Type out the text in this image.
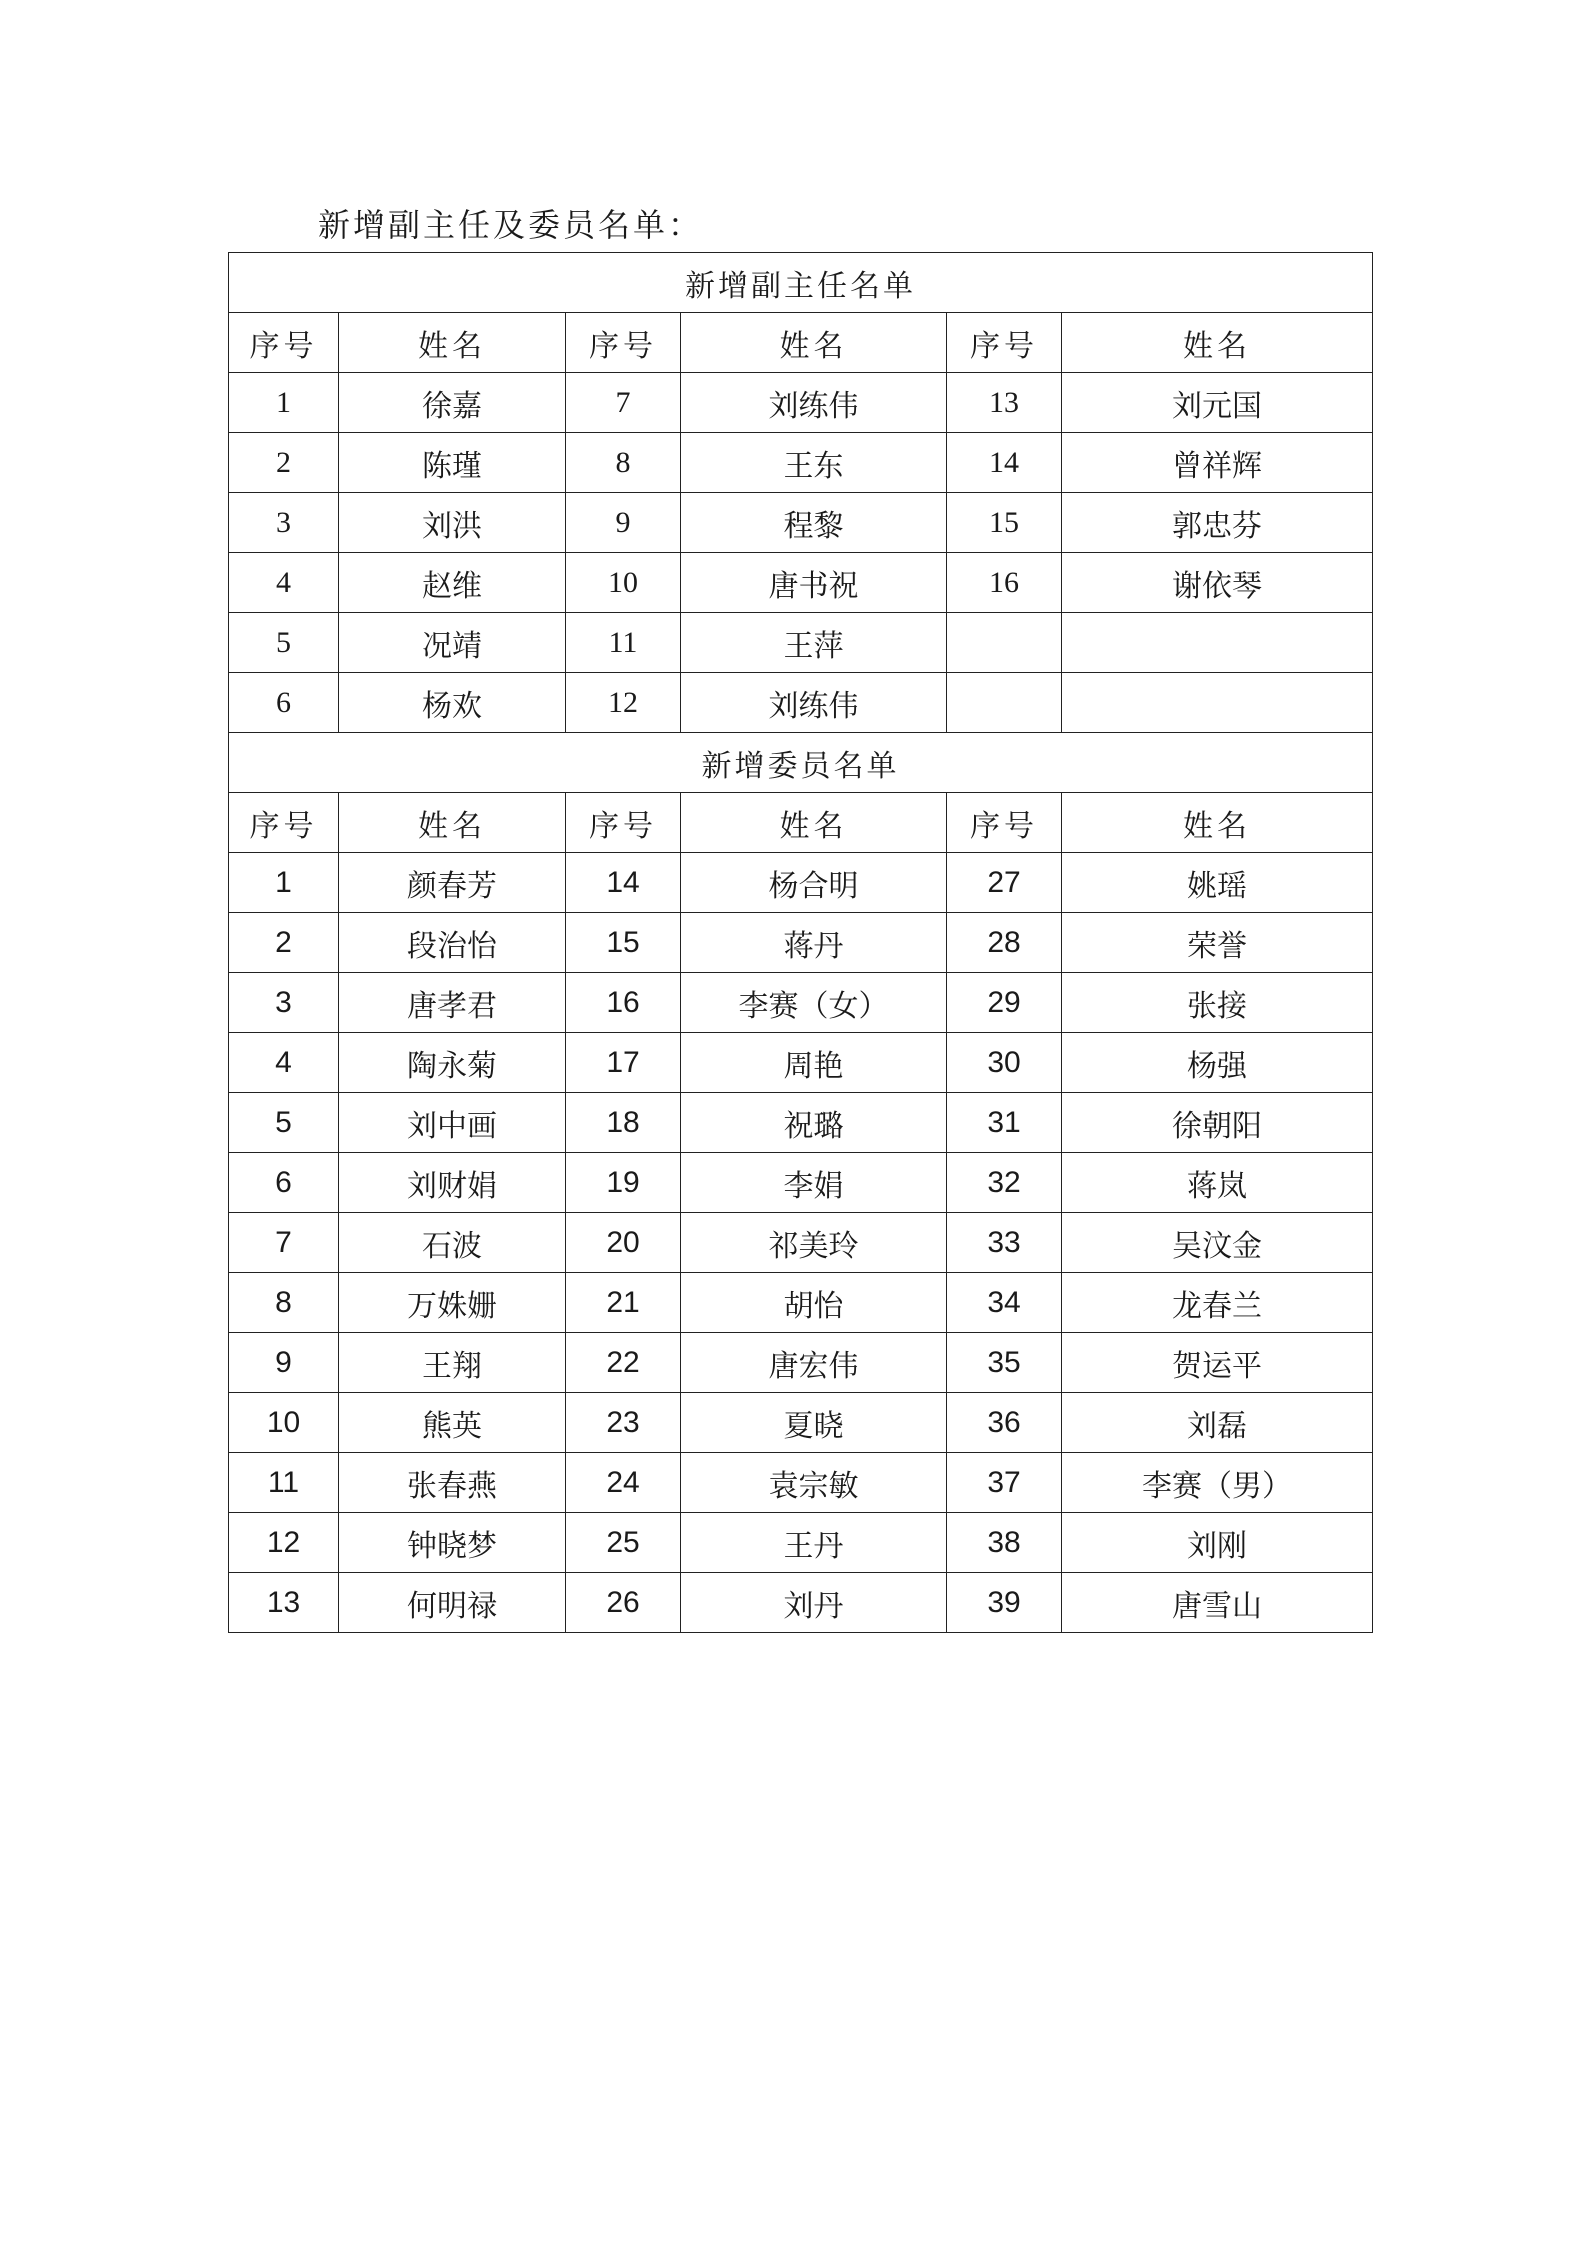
新增副主任及委员名单：
新增副主任名单					
序号	姓名	序号	姓名	序号	姓名
1	徐嘉	7	刘练伟	13	刘元国
2	陈瑾	8	王东	14	曾祥辉
3	刘洪	9	程黎	15	郭忠芬
4	赵维	10	唐书祝	16	谢依琴
5	况靖	11	王萍		
6	杨欢	12	刘练伟		
新增委员名单					
序号	姓名	序号	姓名	序号	姓名
1	颜春芳	14	杨合明	27	姚瑶
2	段治怡	15	蒋丹	28	荣誉
3	唐孝君	16	李赛（女）	29	张接
4	陶永菊	17	周艳	30	杨强
5	刘中画	18	祝璐	31	徐朝阳
6	刘财娟	19	李娟	32	蒋岚
7	石波	20	祁美玲	33	吴汶金
8	万姝姗	21	胡怡	34	龙春兰
9	王翔	22	唐宏伟	35	贺运平
10	熊英	23	夏晓	36	刘磊
11	张春燕	24	袁宗敏	37	李赛（男）
12	钟晓梦	25	王丹	38	刘刚
13	何明禄	26	刘丹	39	唐雪山
